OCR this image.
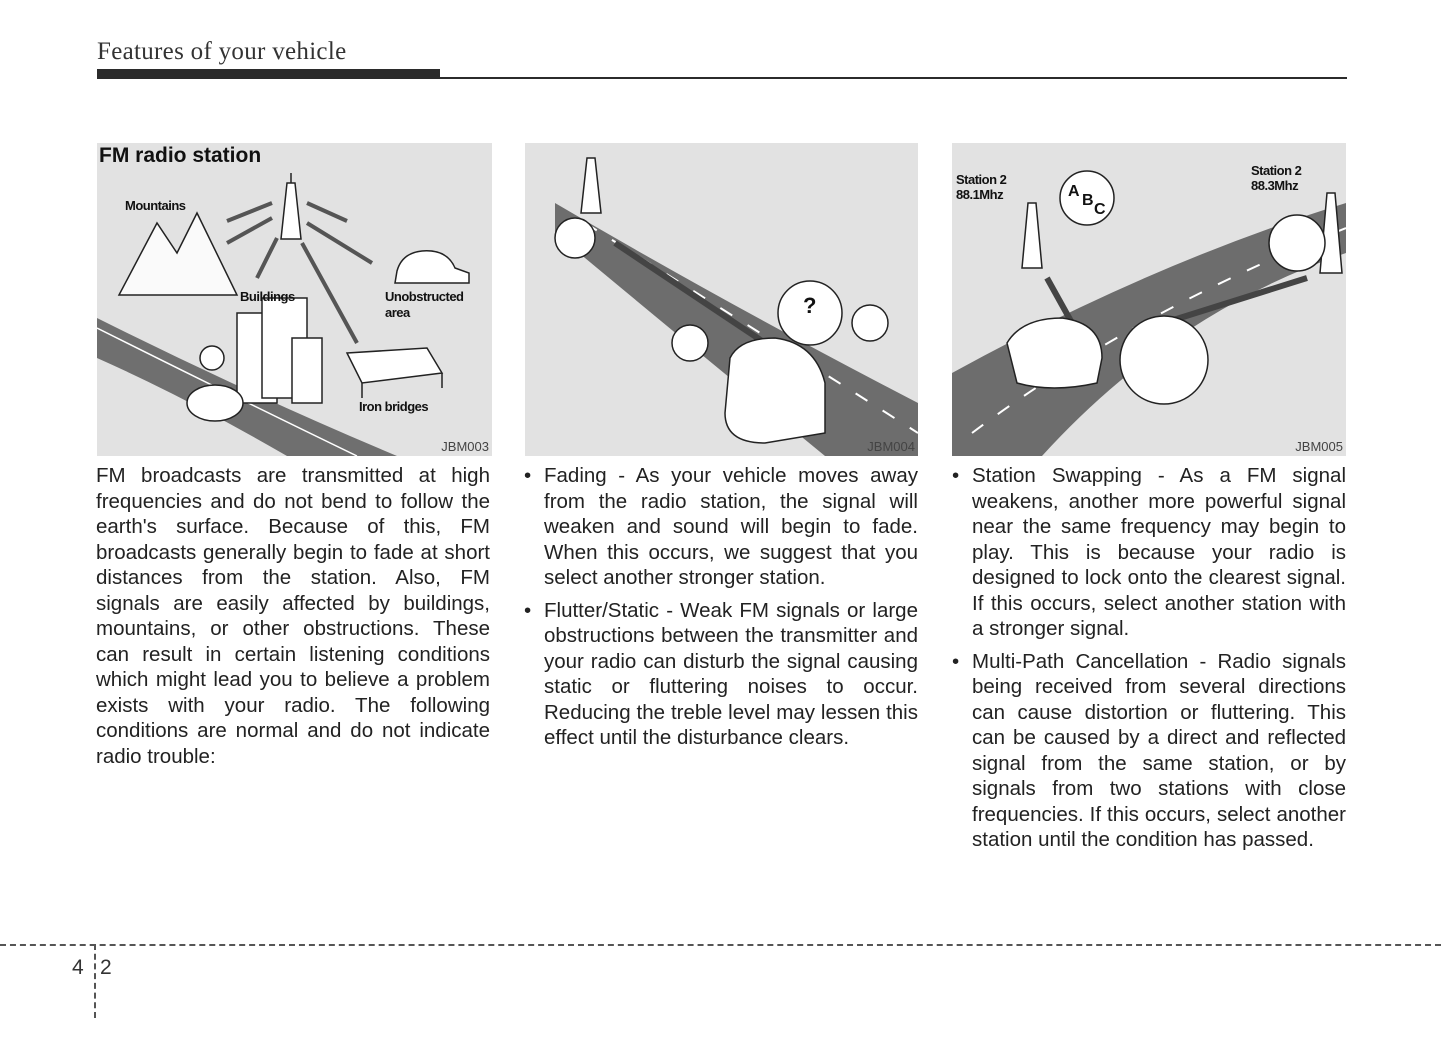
Features of your vehicle
Mountains
Buildings	Unobstructed
area
Iron bridges
JBM003
FM radio station
?
JBM004
Station 2
88.1Mhz
Station 2
88.3Mhz
A
B
C
JBM005

FM broadcasts are transmitted at high frequencies and do not bend to follow the earth's surface. Because of this, FM broadcasts generally begin to fade at short distances from the station. Also, FM signals are easily affected by buildings, mountains, or other obstructions. These can result in certain listening conditions which might lead you to believe a problem exists with your radio. The following conditions are normal and do not indicate radio trouble:

• Fading - As your vehicle moves away from the radio station, the signal will weaken and sound will begin to fade. When this occurs, we suggest that you select another stronger station.

• Flutter/Static - Weak FM signals or large obstructions between the transmitter and your radio can disturb the signal causing static or fluttering noises to occur. Reducing the treble level may lessen this effect until the disturbance clears.

• Station Swapping - As a FM signal weakens, another more powerful signal near the same frequency may begin to play. This is because your radio is designed to lock onto the clearest signal. If this occurs, select another station with a stronger signal.

• Multi-Path Cancellation - Radio signals being received from several directions can cause distortion or fluttering. This can be caused by a direct and reflected signal from the same station, or by signals from two stations with close frequencies. If this occurs, select another station until the condition has passed.

4 2
